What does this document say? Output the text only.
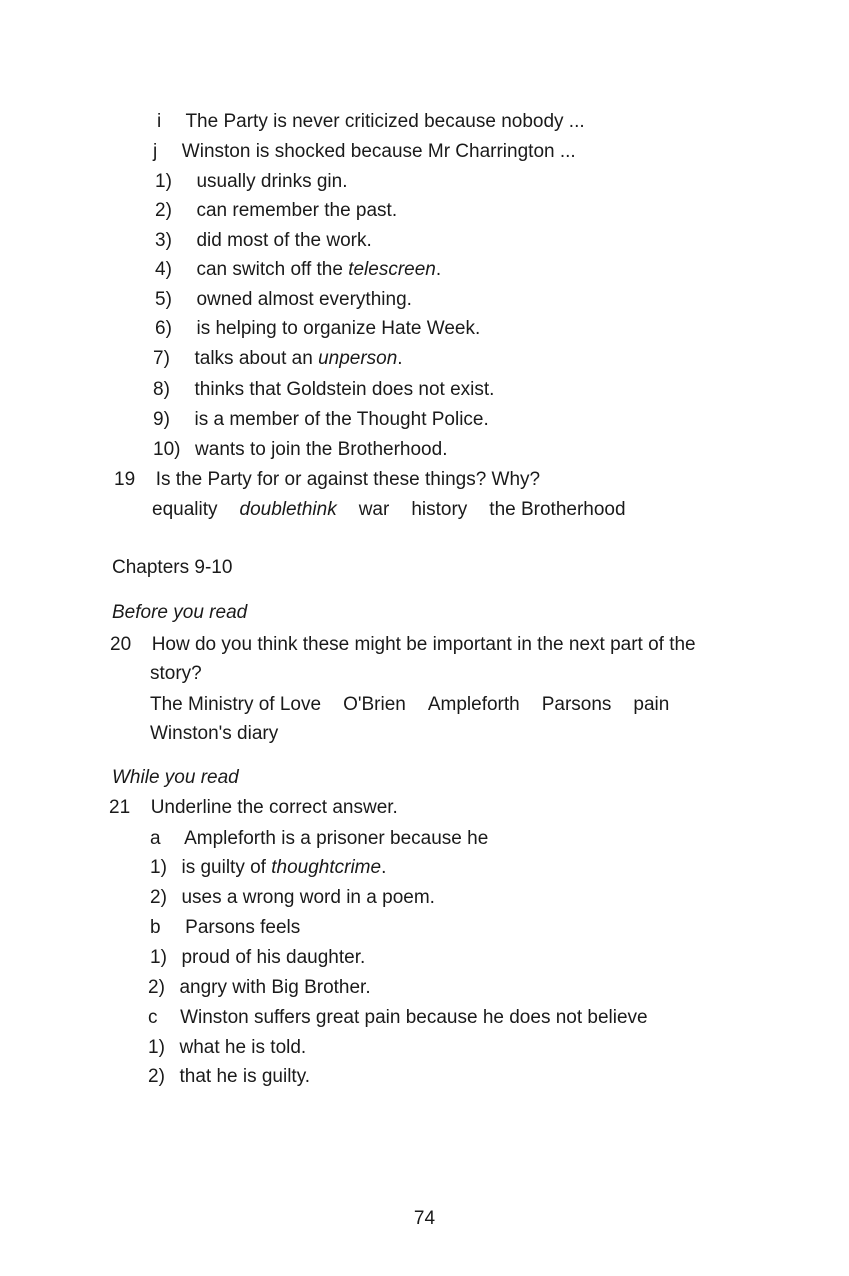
i The Party is never criticized because nobody ...
j Winston is shocked because Mr Charrington ...
1) usually drinks gin.
2) can remember the past.
3) did most of the work.
4) can switch off the telescreen.
5) owned almost everything.
6) is helping to organize Hate Week.
7) talks about an unperson.
8) thinks that Goldstein does not exist.
9) is a member of the Thought Police.
10) wants to join the Brotherhood.
19 Is the Party for or against these things? Why?
equality doublethink war history the Brotherhood
Chapters 9-10
Before you read
20 How do you think these might be important in the next part of the
story?
The Ministry of Love O'Brien Ampleforth Parsons pain
Winston's diary
While you read
21 Underline the correct answer.
a Ampleforth is a prisoner because he
1) is guilty of thoughtcrime.
2) uses a wrong word in a poem.
b Parsons feels
1) proud of his daughter.
2) angry with Big Brother.
c Winston suffers great pain because he does not believe
1) what he is told.
2) that he is guilty.
74
